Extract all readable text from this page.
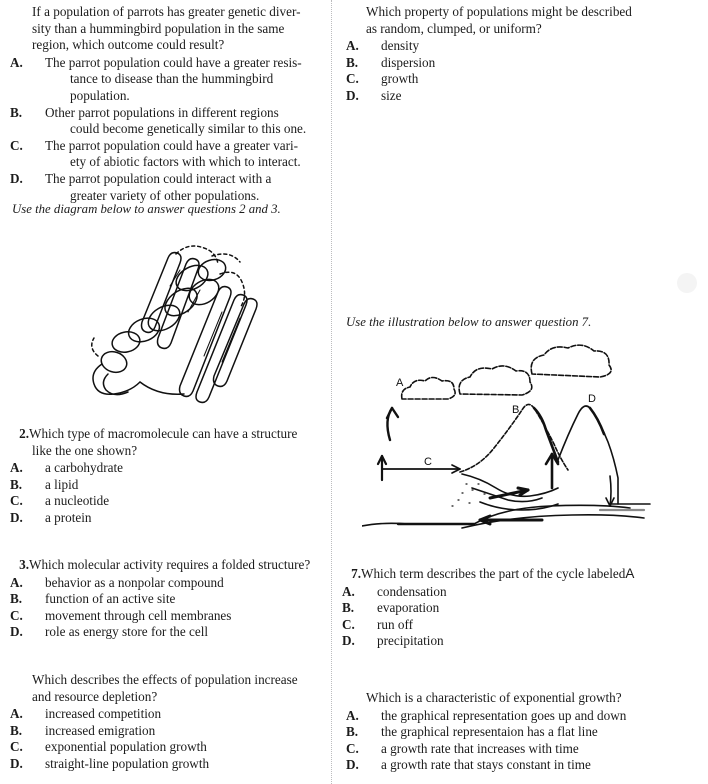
If a population of parrots has greater genetic diver-
sity than a hummingbird population in the same
region, which outcome could result?
A. The parrot population could have a greater resis-
tance to disease than the hummingbird population.
B. Other parrot populations in different regions
could become genetically similar to this one.
C. The parrot population could have a greater vari-
ety of abiotic factors with which to interact.
D. The parrot population could interact with a
greater variety of other populations.
Use the diagram below to answer questions 2 and 3.
2.Which type of macromolecule can have a structure
like the one shown?
A. a carbohydrate
B. a lipid
C. a nucleotide
D. a protein
3.Which molecular activity requires a folded structure?
A. behavior as a nonpolar compound
B. function of an active site
C. movement through cell membranes
D. role as energy store for the cell
Which describes the effects of population increase
and resource depletion?
A. increased competition
B. increased emigration
C. exponential population growth
D. straight-line population growth
Which property of populations might be described
as random, clumped, or uniform?
A. density
B. dispersion
C. growth
D. size
Use the illustration below to answer question 7.
A
B
C
D
7.Which term describes the part of the cycle labeledA
A. condensation
B. evaporation
C. run off
D. precipitation
Which is a characteristic of exponential growth?
A. the graphical representation goes up and down
B. the graphical representaion has a flat line
C. a growth rate that increases with time
D. a growth rate that stays constant in time
